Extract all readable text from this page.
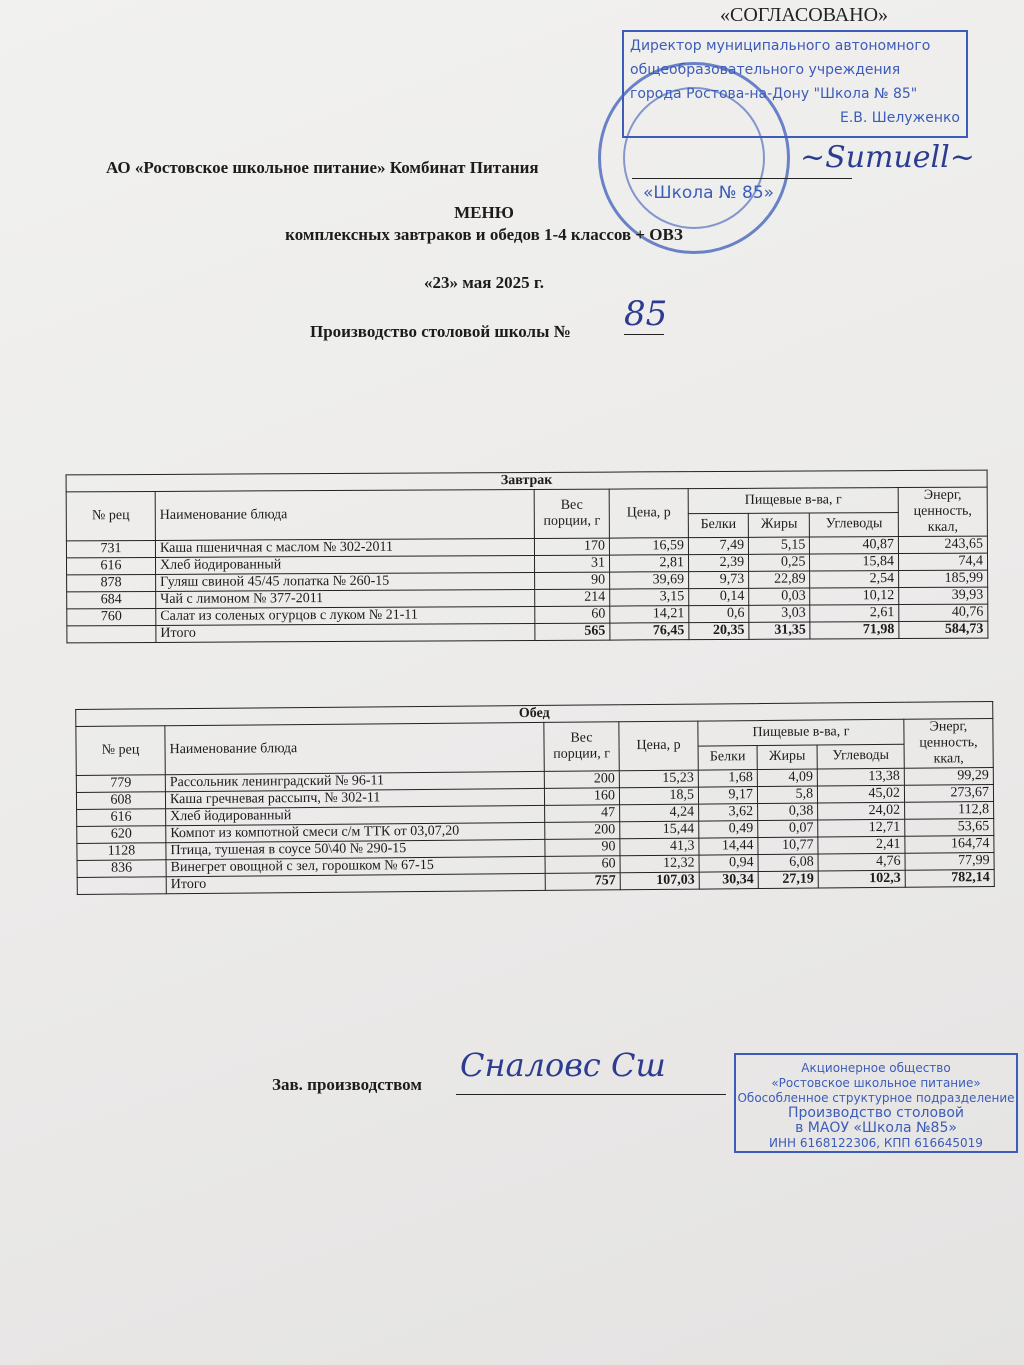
«Школа № 85»
«СОГЛАСОВАНО»
Директор муниципального автономного
общеобразовательного учреждения
города Ростова-на-Дону "Школа № 85"
Е.В. Шелуженко
~Ѕиmuell~
АО «Ростовское школьное питание» Комбинат Питания
МЕНЮ
комплексных завтраков и обедов 1-4 классов + ОВЗ
«23» мая 2025 г.
Производство столовой школы № 85
Завтрак							
№ рец	Наименование блюда	Вес порции, г	Цена, р	Пищевые в-ва, г			Энерг, ценность, ккал,
				Белки	Жиры	Углеводы	
731	Каша пшеничная с маслом № 302-2011	170	16,59	7,49	5,15	40,87	243,65
616	Хлеб йодированный	31	2,81	2,39	0,25	15,84	74,4
878	Гуляш свиной 45/45 лопатка № 260-15	90	39,69	9,73	22,89	2,54	185,99
684	Чай с лимоном № 377-2011	214	3,15	0,14	0,03	10,12	39,93
760	Салат из соленых огурцов с луком № 21-11	60	14,21	0,6	3,03	2,61	40,76
	Итого	565	76,45	20,35	31,35	71,98	584,73
Обед							
№ рец	Наименование блюда	Вес порции, г	Цена, р	Пищевые в-ва, г			Энерг, ценность, ккал,
				Белки	Жиры	Углеводы	
779	Рассольник ленинградский № 96-11	200	15,23	1,68	4,09	13,38	99,29
608	Каша гречневая рассыпч, № 302-11	160	18,5	9,17	5,8	45,02	273,67
616	Хлеб йодированный	47	4,24	3,62	0,38	24,02	112,8
620	Компот из компотной смеси с/м ТТК от 03,07,20	200	15,44	0,49	0,07	12,71	53,65
1128	Птица, тушеная в соусе 50\40 № 290-15	90	41,3	14,44	10,77	2,41	164,74
836	Винегрет овощной с зел, горошком № 67-15	60	12,32	0,94	6,08	4,76	77,99
	Итого	757	107,03	30,34	27,19	102,3	782,14
Зав. производством
Сналовс Сш	Акционерное общество
«Ростовское школьное питание»
Обособленное структурное подразделение
Производство столовой
в МАОУ «Школа №85»
ИНН 6168122306, КПП 616645019
